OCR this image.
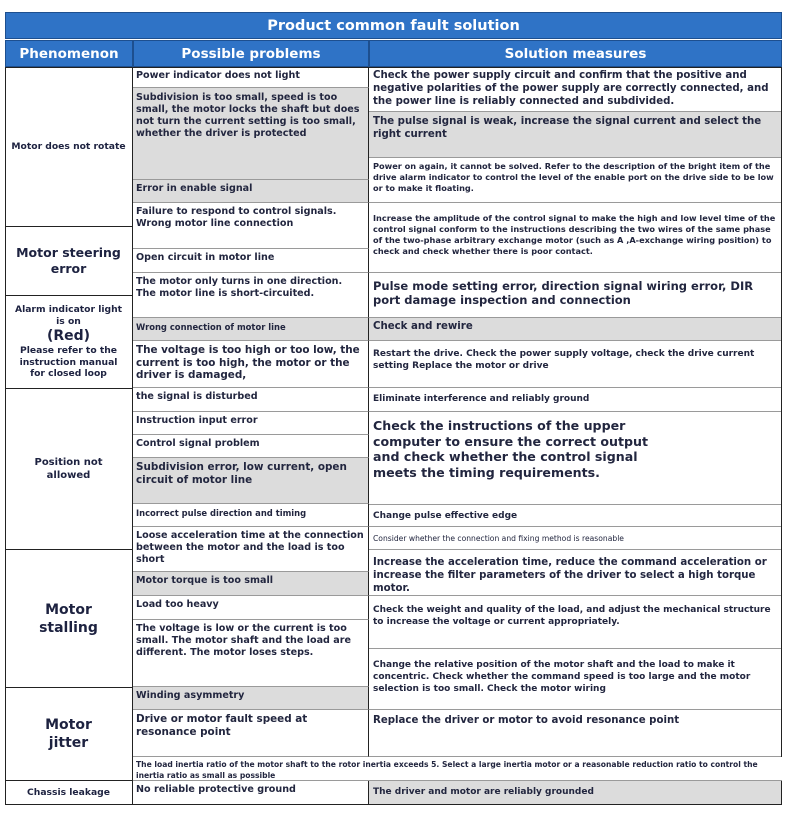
Product common fault solution
Phenomenon	Possible problems	Solution measures
Motor does not rotate
Motor steering error
Alarm indicator light is on
(Red)
Please refer to the instruction manual for closed loop
Position not allowed
Motor stalling
Motor jitter
Chassis leakage
Power indicator does not light
Subdivision is too small, speed is too small, the motor locks the shaft but does not turn the current setting is too small, whether the driver is protected
Error in enable signal
Failure to respond to control signals. Wrong motor line connection
Open circuit in motor line
The motor only turns in one direction. The motor line is short-circuited.
Wrong connection of motor line
The voltage is too high or too low, the current is too high, the motor or the driver is damaged,
the signal is disturbed
Instruction input error
Control signal problem
Subdivision error, low current, open circuit of motor line
Incorrect pulse direction and timing
Loose acceleration time at the connection between the motor and the load is too short
Motor torque is too small
Load too heavy
The voltage is low or the current is too small. The motor shaft and the load are different. The motor loses steps.
Winding asymmetry
Drive or motor fault speed at resonance point
The load inertia ratio of the motor shaft to the rotor inertia exceeds 5. Select a large inertia motor or a reasonable reduction ratio to control the inertia ratio as small as possible
No reliable protective ground
Check the power supply circuit and confirm that the positive and negative polarities of the power supply are correctly connected, and the power line is reliably connected and subdivided.
The pulse signal is weak, increase the signal current and select the right current
Power on again, it cannot be solved. Refer to the description of the bright item of the drive alarm indicator to control the level of the enable port on the drive side to be low or to make it floating.
Increase the amplitude of the control signal to make the high and low level time of the control signal conform to the instructions describing the two wires of the same phase of the two-phase arbitrary exchange motor (such as A ,A-exchange wiring position) to check and check whether there is poor contact.
Pulse mode setting error, direction signal wiring error, DIR port damage inspection and connection
Check and rewire
Restart the drive. Check the power supply voltage, check the drive current setting Replace the motor or drive
Eliminate interference and reliably ground
Check the instructions of the upper computer to ensure the correct output and check whether the control signal meets the timing requirements.
Change pulse effective edge
Consider whether the connection and fixing method is reasonable
Increase the acceleration time, reduce the command acceleration or increase the filter parameters of the driver to select a high torque motor.
Check the weight and quality of the load, and adjust the mechanical structure to increase the voltage or current appropriately.
Change the relative position of the motor shaft and the load to make it concentric. Check whether the command speed is too large and the motor selection is too small. Check the motor wiring
Replace the driver or motor to avoid resonance point
The driver and motor are reliably grounded
